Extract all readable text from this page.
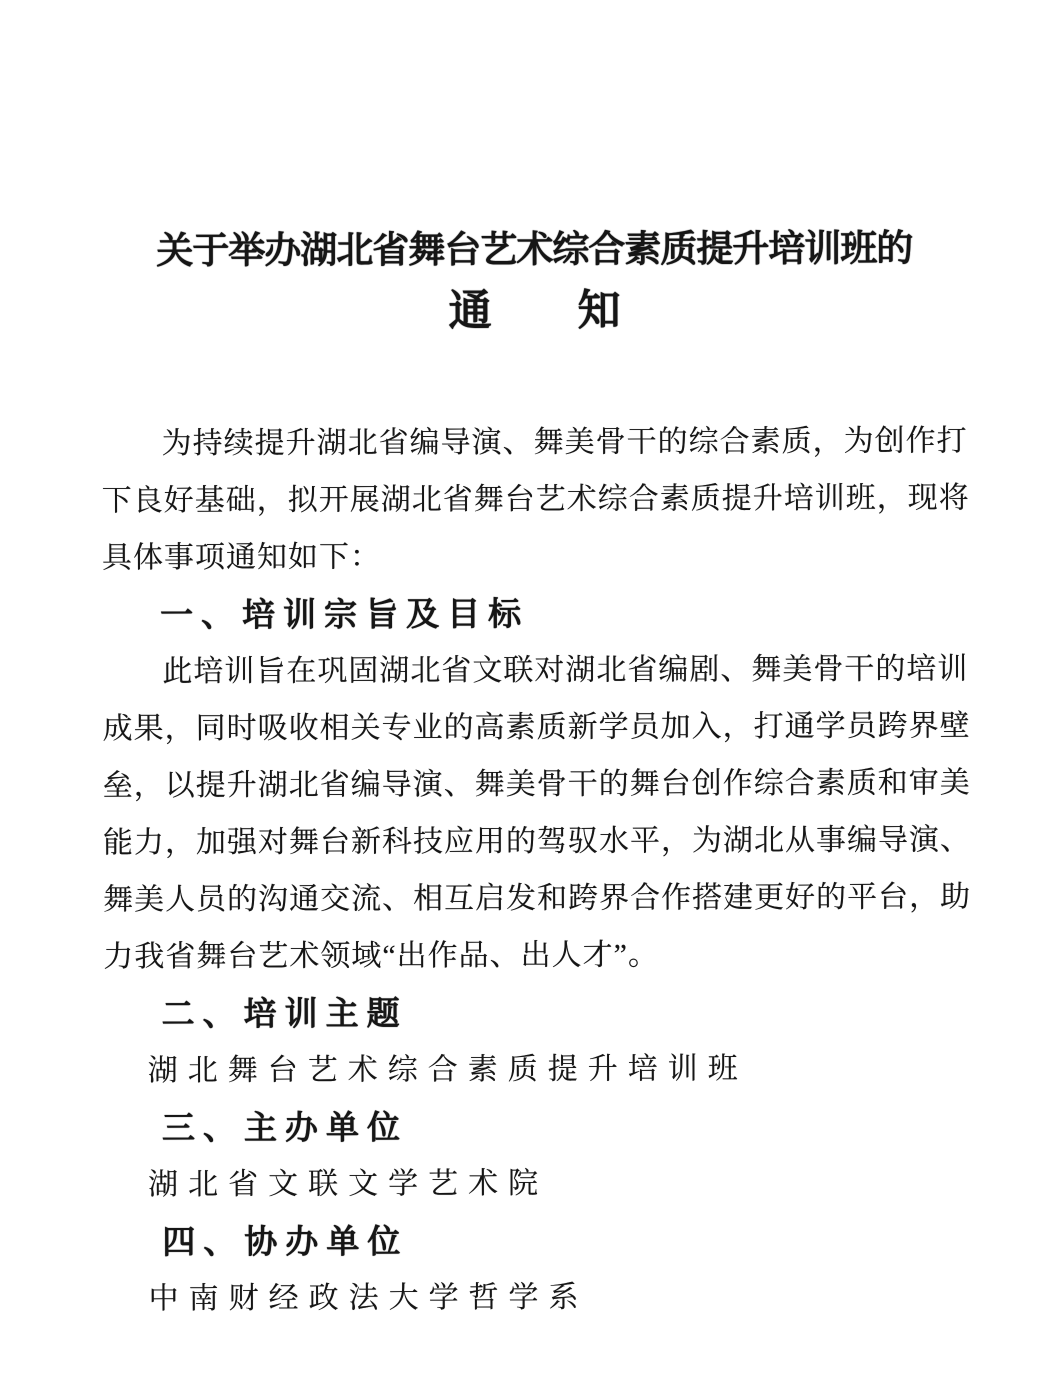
关于举办湖北省舞台艺术综合素质提升培训班的
通　　知
为持续提升湖北省编导演、舞美骨干的综合素质，为创作打
下良好基础，拟开展湖北省舞台艺术综合素质提升培训班，现将
具体事项通知如下：
一、培训宗旨及目标
此培训旨在巩固湖北省文联对湖北省编剧、舞美骨干的培训
成果，同时吸收相关专业的高素质新学员加入，打通学员跨界壁
垒，以提升湖北省编导演、舞美骨干的舞台创作综合素质和审美
能力，加强对舞台新科技应用的驾驭水平，为湖北从事编导演、
舞美人员的沟通交流、相互启发和跨界合作搭建更好的平台，助
力我省舞台艺术领域“出作品、出人才”。
二、培训主题
湖北舞台艺术综合素质提升培训班
三、主办单位
湖北省文联文学艺术院
四、协办单位
中南财经政法大学哲学系
